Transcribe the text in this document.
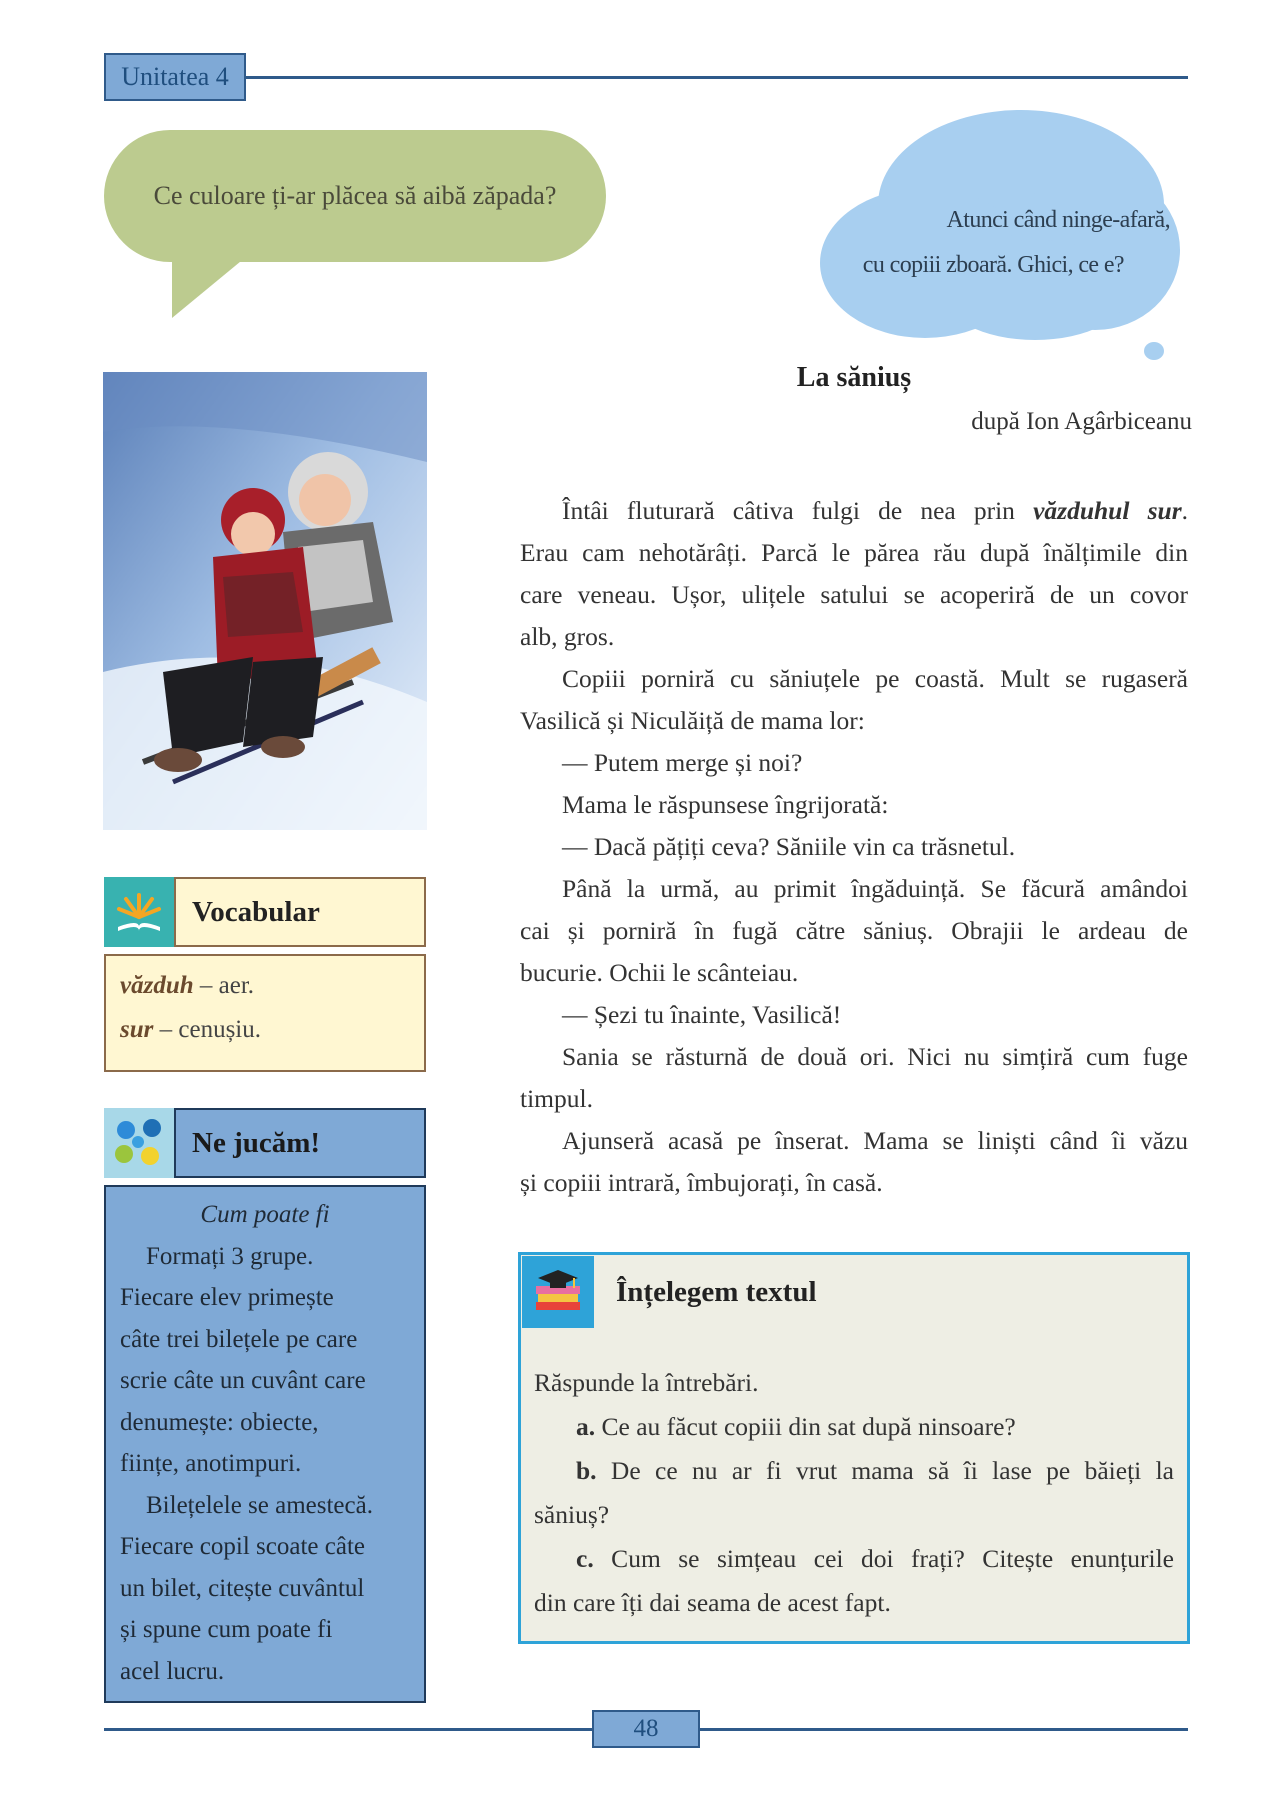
Unitatea 4
Ce culoare ți-ar plăcea să aibă zăpada?
Atunci când ninge-afară,
cu copiii zboară. Ghici, ce e?
Vocabular
văzduh – aer.
sur – cenușiu.
Ne jucăm!
Cum poate fi
Formați 3 grupe.
Fiecare elev primește
câte trei bilețele pe care
scrie câte un cuvânt care
denumește: obiecte,
ființe, anotimpuri.
Bilețelele se amestecă.
Fiecare copil scoate câte
un bilet, citește cuvântul
și spune cum poate fi
acel lucru.
La săniuș
după Ion Agârbiceanu
Întâi fluturară câtiva fulgi de nea prin văzduhul sur.
Erau cam nehotărâți. Parcă le părea rău după înălțimile din
care veneau. Ușor, ulițele satului se acoperiră de un covor
alb, gros.
Copiii porniră cu săniuțele pe coastă. Mult se rugaseră
Vasilică și Niculăiță de mama lor:
— Putem merge și noi?
Mama le răspunsese îngrijorată:
— Dacă pățiți ceva? Săniile vin ca trăsnetul.
Până la urmă, au primit îngăduință. Se făcură amândoi
cai și porniră în fugă către săniuș. Obrajii le ardeau de
bucurie. Ochii le scânteiau.
— Șezi tu înainte, Vasilică!
Sania se răsturnă de două ori. Nici nu simțiră cum fuge
timpul.
Ajunseră acasă pe înserat. Mama se liniști când îi văzu
și copiii intrară, îmbujorați, în casă.
Înțelegem textul
Răspunde la întrebări.
a. Ce au făcut copiii din sat după ninsoare?
b. De ce nu ar fi vrut mama să îi lase pe băieți la
săniuș?
c. Cum se simțeau cei doi frați? Citește enunțurile
din care îți dai seama de acest fapt.
48
